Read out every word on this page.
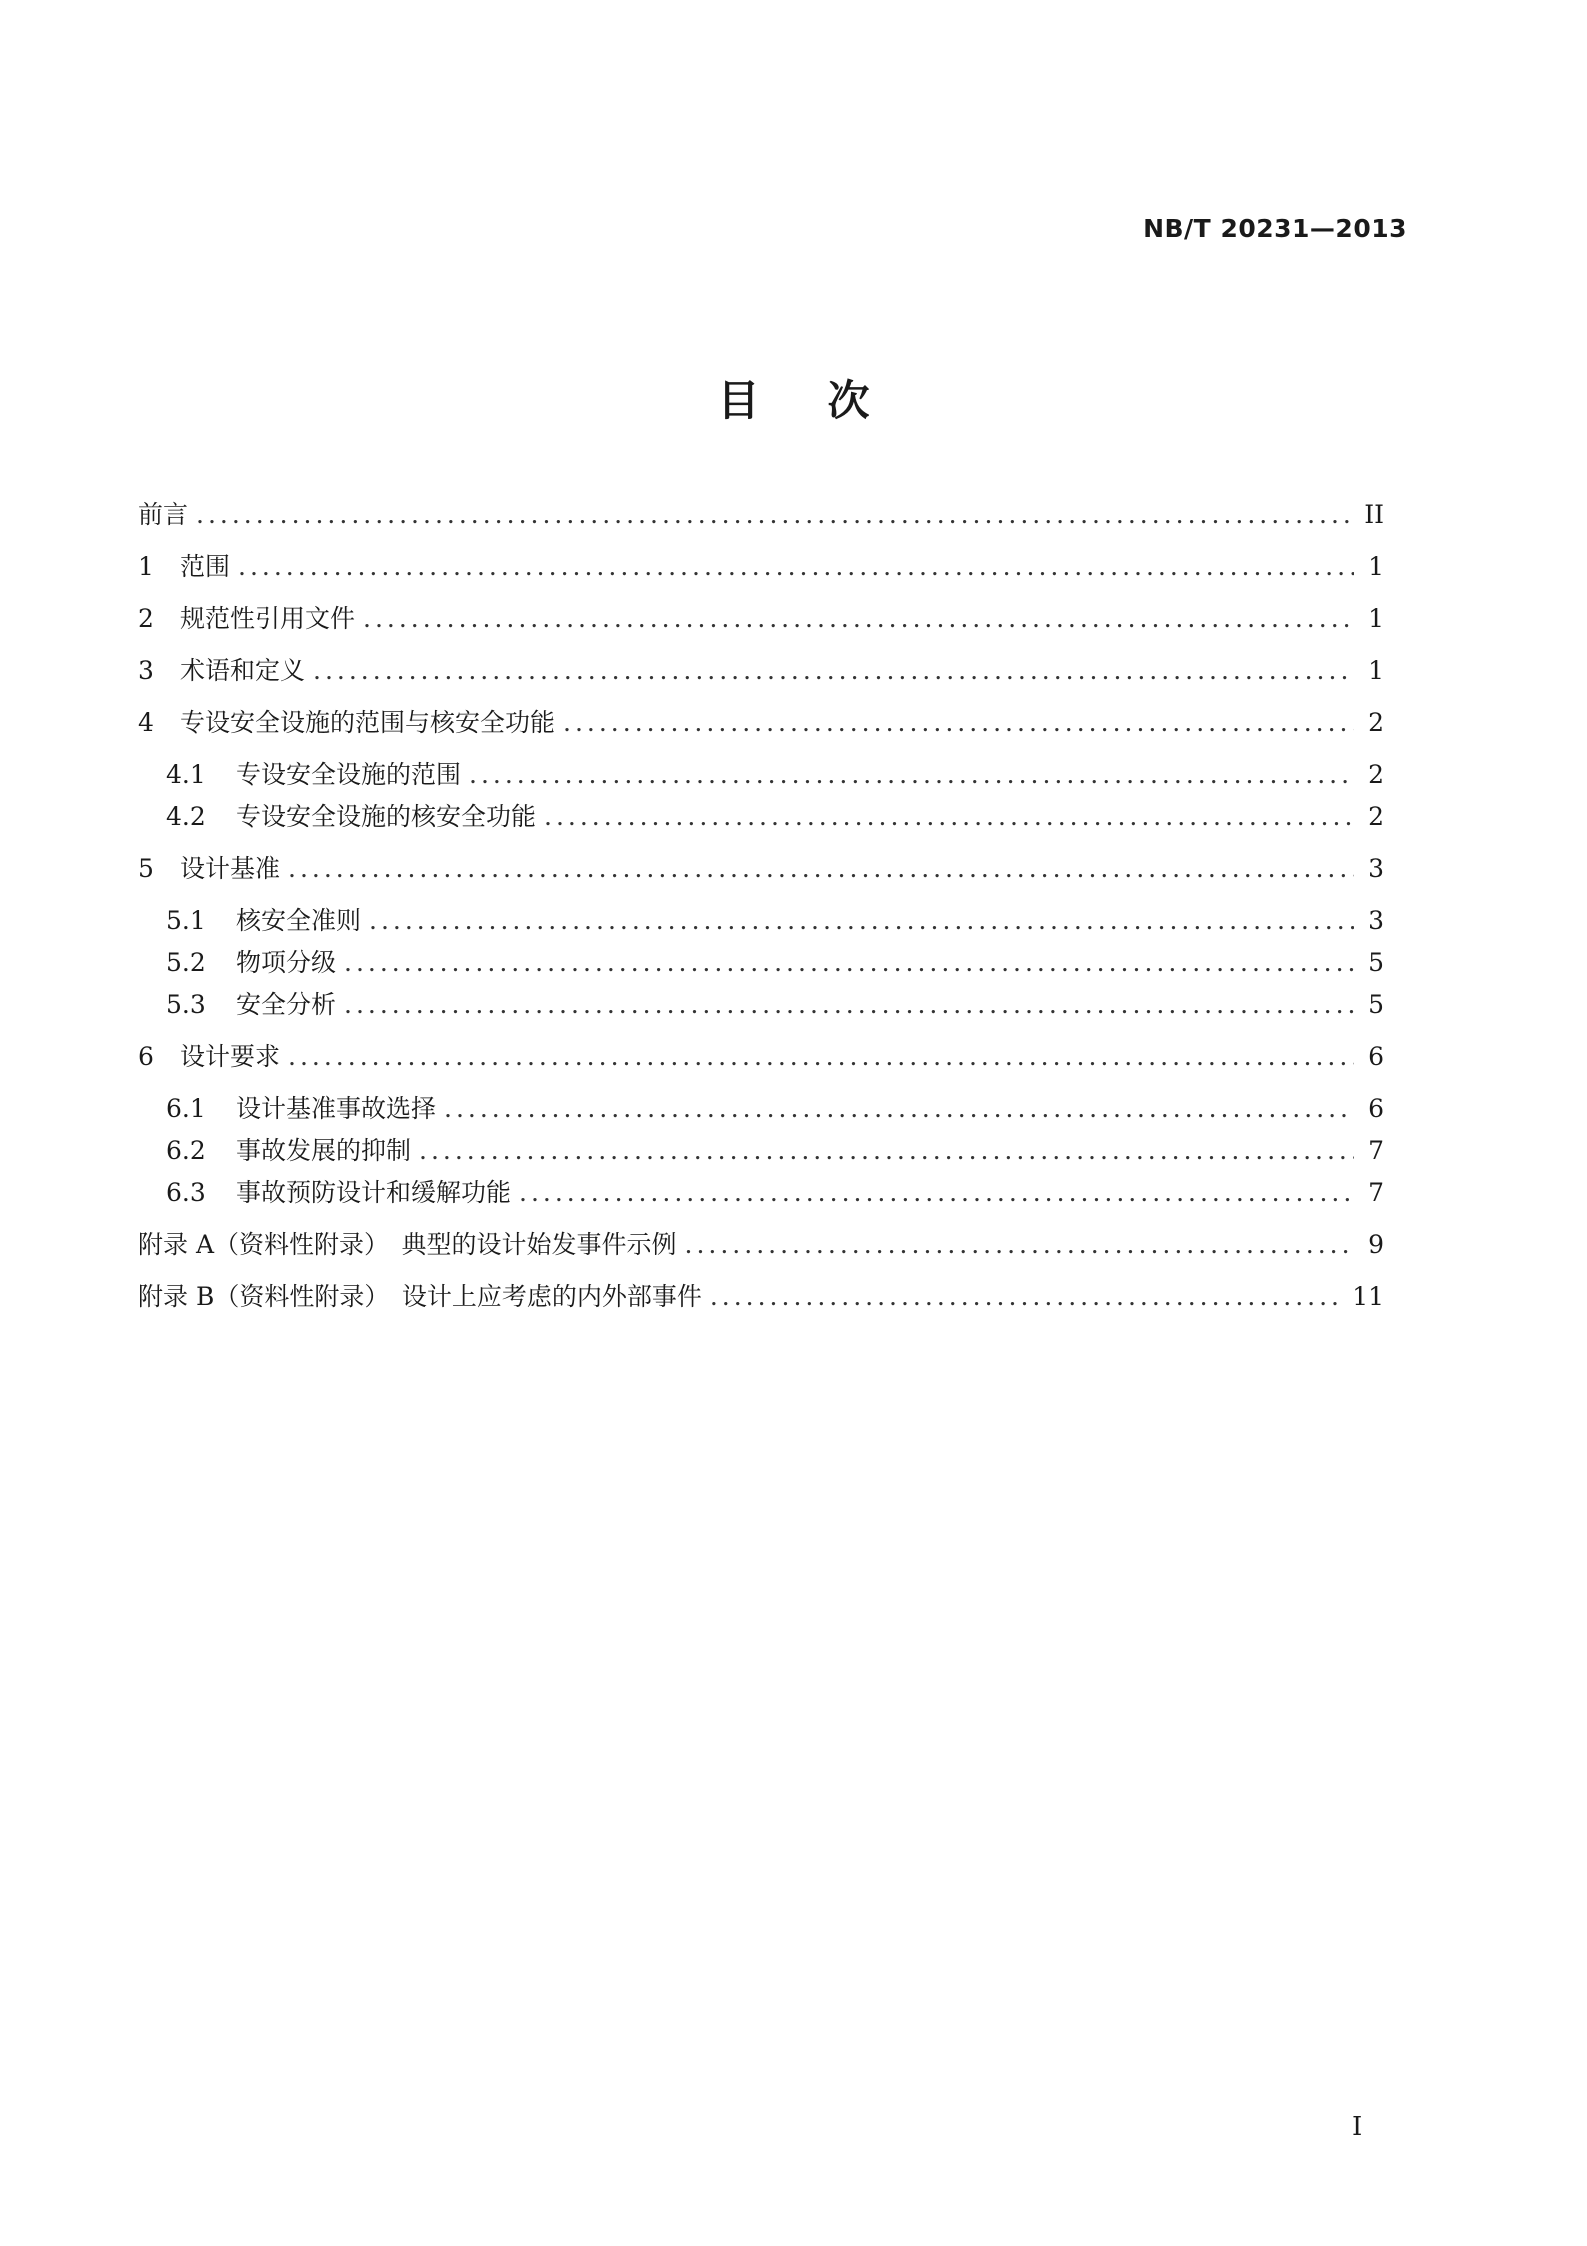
NB/T 20231—2013
目 次
前言 .....	II
1	范围 .....	1
2	规范性引用文件 .....	1
3	术语和定义 .....	1
4	专设安全设施的范围与核安全功能 .....	2
4.1	专设安全设施的范围 .....	2
4.2	专设安全设施的核安全功能 .....	2
5	设计基准 .....	3
5.1	核安全准则 .....	3
5.2	物项分级 .....	5
5.3	安全分析 .....	5
6	设计要求 .....	6
6.1	设计基准事故选择 .....	6
6.2	事故发展的抑制 .....	7
6.3	事故预防设计和缓解功能 .....	7
附录 A（资料性附录）　典型的设计始发事件示例 .....	9
附录 B（资料性附录）　设计上应考虑的内外部事件 .....	11
I
